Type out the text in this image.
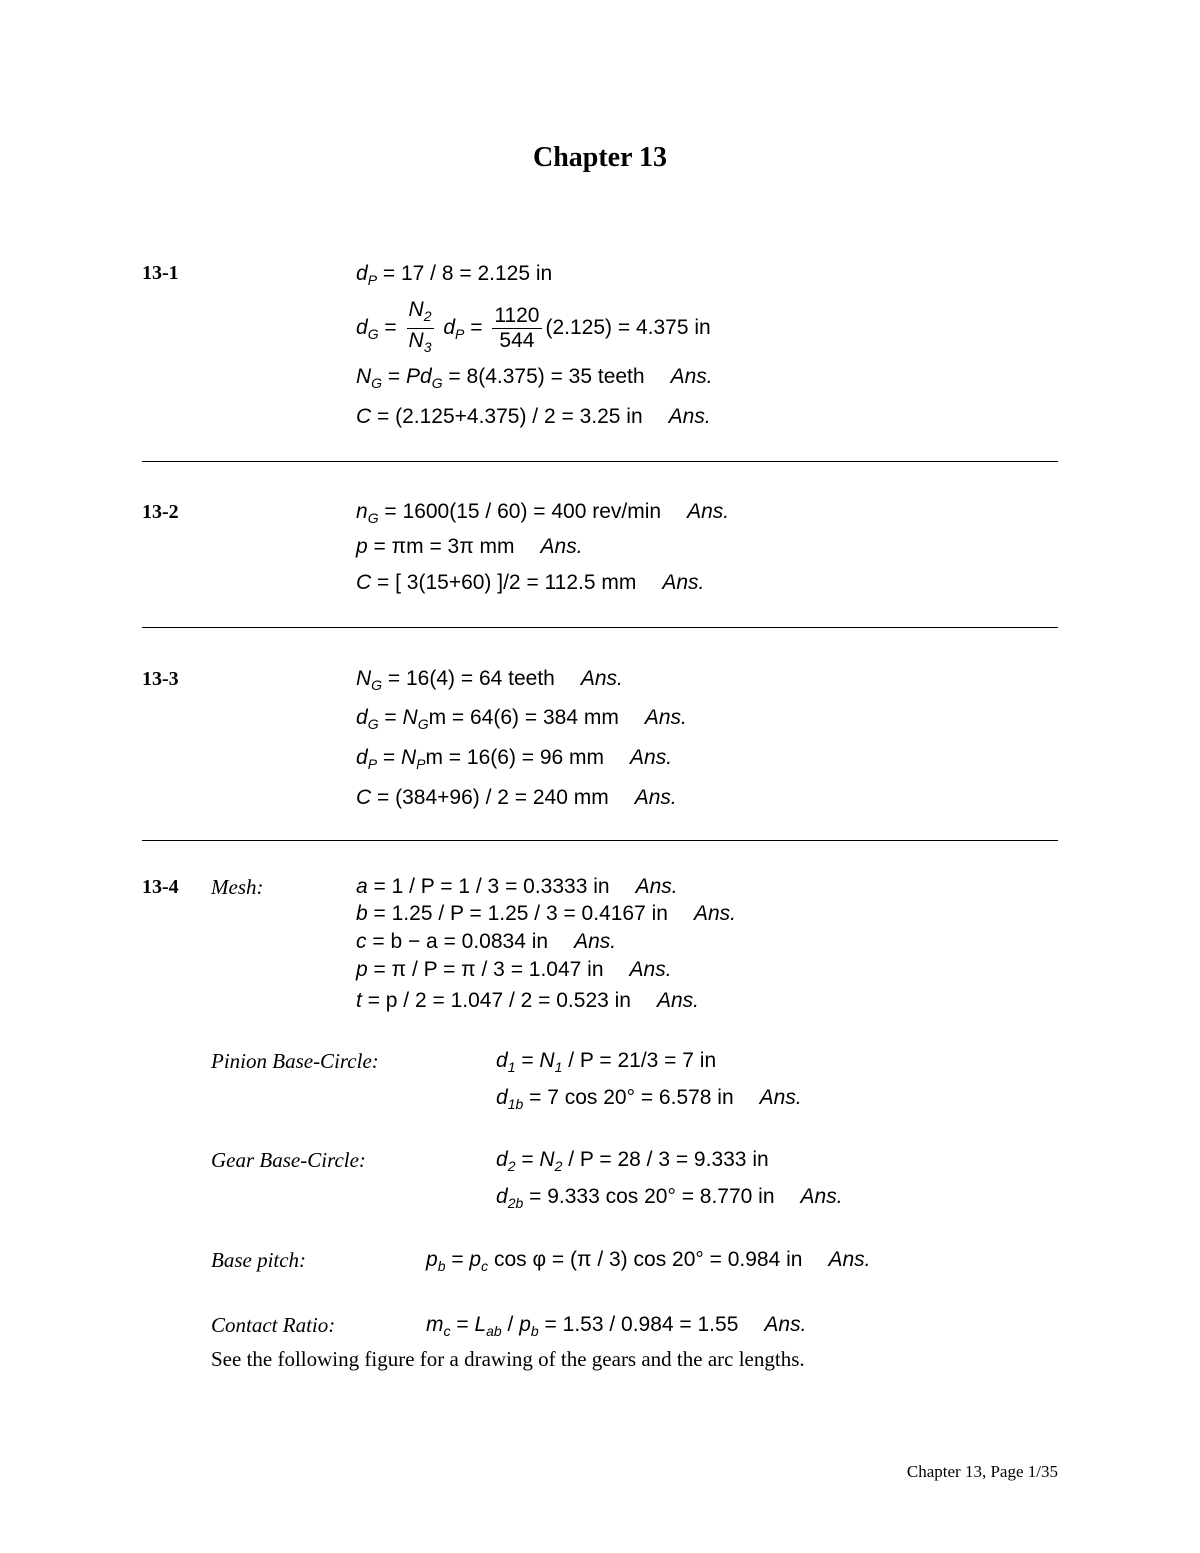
Chapter 13
13-1	$d_P = 17 / 8 = 2.125$ in
$d_G = \frac{N_2}{N_3} d_P = \frac{1120}{544} (2.125) = 4.375$ in
$N_G = Pd_G = 8(4.375) = 35$ teeth Ans.
C = (2.125+4.375) / 2 = 3.25 in Ans.
13-2	$n_G = 1600(15 / 60) = 400$ rev/min Ans.
p = πm = 3π mm Ans.
C = [ 3(15+60) ]/2 = 112.5 mm Ans.
13-3	$N_G = 16(4) = 64$ teeth Ans.
$d_G = N_Gm = 64(6) = 384$ mm Ans.
$d_P = N_Pm = 16(6) = 96$ mm Ans.
C = (384+96) / 2 = 240 mm Ans.
13-4 Mesh:	a = 1 / P = 1 / 3 = 0.3333 in Ans.
b = 1.25 / P = 1.25 / 3 = 0.4167 in Ans.
c = b − a = 0.0834 in Ans.
p = π / P = π / 3 = 1.047 in Ans.
t = p / 2 = 1.047 / 2 = 0.523 in Ans.
Pinion Base-Circle:	$d_1 = N_1 / P = 21/3 = 7$ in
$d_{1b} = 7$ cos 20° = 6.578 in Ans.
Gear Base-Circle:	$d_2 = N_2 / P = 28 / 3 = 9.333$ in
$d_{2b} = 9.333$ cos 20° = 8.770 in Ans.
Base pitch:	$p_b = p_c$ cos φ = (π / 3) cos 20° = 0.984 in Ans.
Contact Ratio:	$m_c = L_{ab} / p_b = 1.53 / 0.984 = 1.55$ Ans.
See the following figure for a drawing of the gears and the arc lengths.
Chapter 13, Page 1/35
